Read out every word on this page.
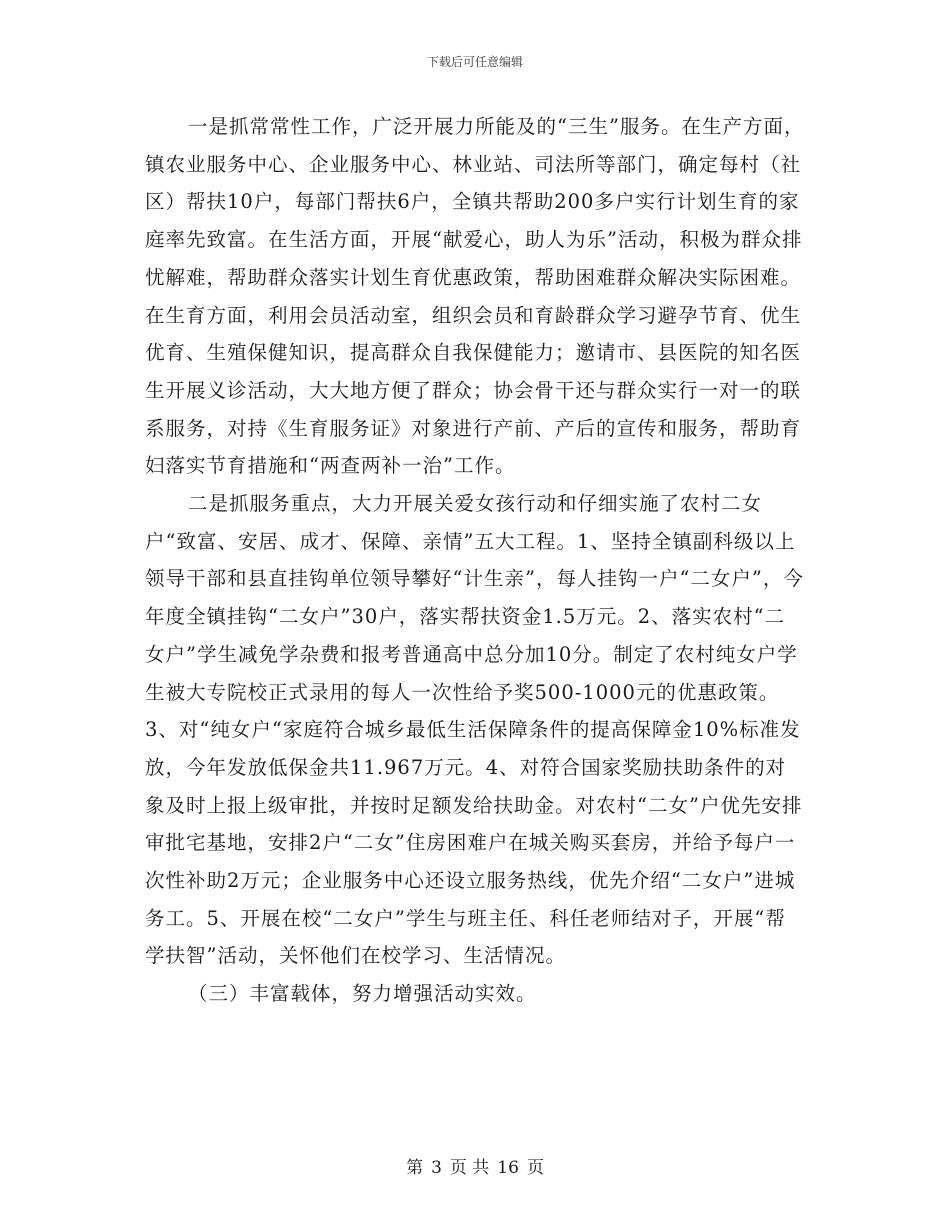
下载后可任意编辑

一是抓常常性工作，广泛开展力所能及的“三生”服务。在生产方面，镇农业服务中心、企业服务中心、林业站、司法所等部门，确定每村（社区）帮扶10户，每部门帮扶6户，全镇共帮助200多户实行计划生育的家庭率先致富。在生活方面，开展“献爱心，助人为乐”活动，积极为群众排忧解难，帮助群众落实计划生育优惠政策，帮助困难群众解决实际困难。在生育方面，利用会员活动室，组织会员和育龄群众学习避孕节育、优生优育、生殖保健知识，提高群众自我保健能力；邀请市、县医院的知名医生开展义诊活动，大大地方便了群众；协会骨干还与群众实行一对一的联系服务，对持《生育服务证》对象进行产前、产后的宣传和服务，帮助育妇落实节育措施和“两查两补一治”工作。

二是抓服务重点，大力开展关爱女孩行动和仔细实施了农村二女户“致富、安居、成才、保障、亲情”五大工程。1、坚持全镇副科级以上领导干部和县直挂钩单位领导攀好“计生亲”，每人挂钩一户“二女户”，今年度全镇挂钩“二女户”30户，落实帮扶资金1.5万元。2、落实农村“二女户”学生减免学杂费和报考普通高中总分加10分。制定了农村纯女户学生被大专院校正式录用的每人一次性给予奖500-1000元的优惠政策。3、对“纯女户“家庭符合城乡最低生活保障条件的提高保障金10%标准发放，今年发放低保金共11.967万元。4、对符合国家奖励扶助条件的对象及时上报上级审批，并按时足额发给扶助金。对农村“二女”户优先安排审批宅基地，安排2户“二女”住房困难户在城关购买套房，并给予每户一次性补助2万元；企业服务中心还设立服务热线，优先介绍“二女户”进城务工。5、开展在校“二女户”学生与班主任、科任老师结对子，开展“帮学扶智”活动，关怀他们在校学习、生活情况。

（三）丰富载体，努力增强活动实效。

第 3 页 共 16 页
